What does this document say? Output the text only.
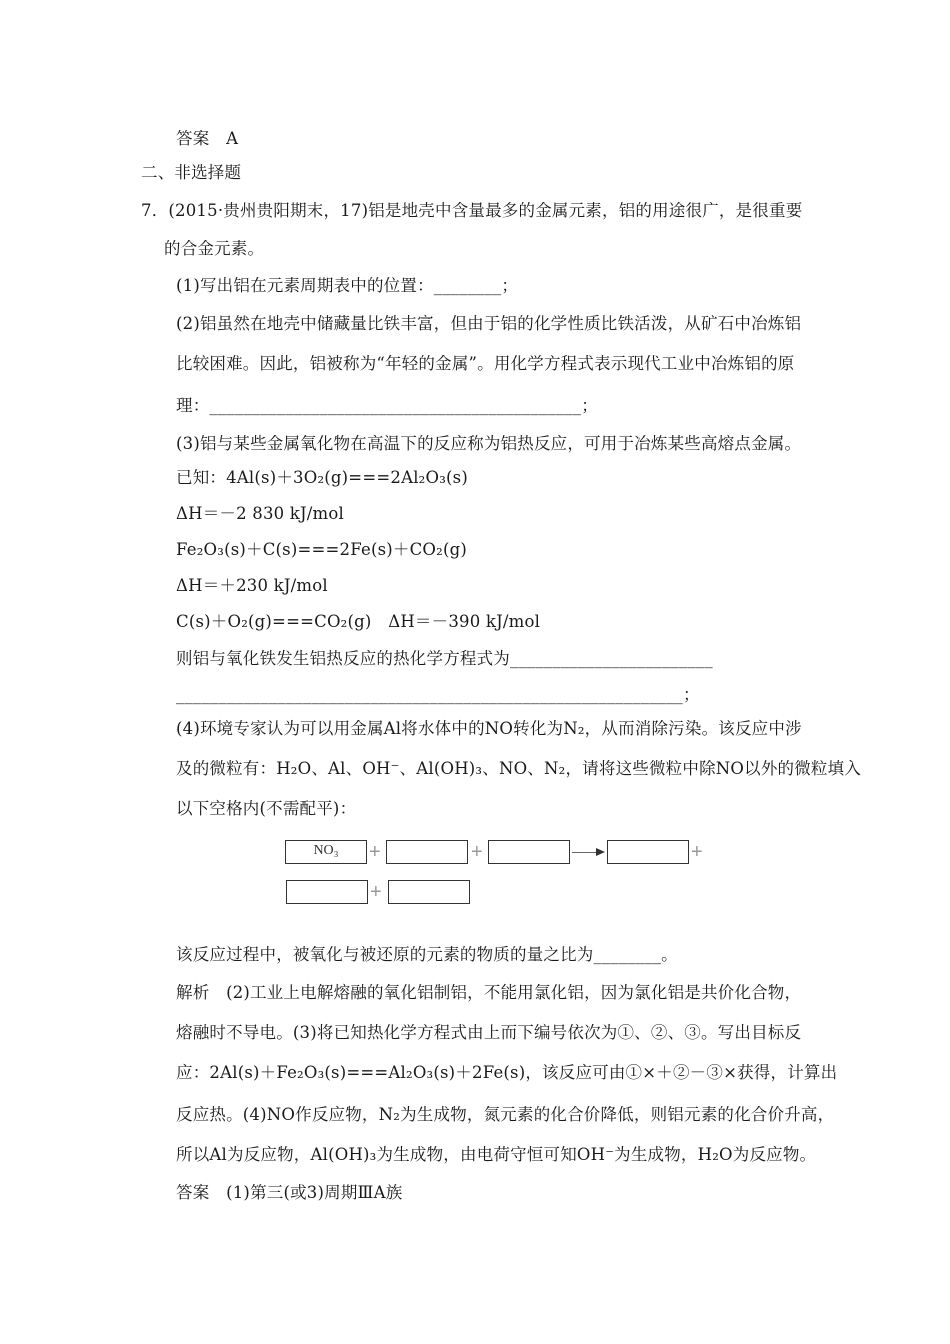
答案　A
二、非选择题
7．(2015·贵州贵阳期末，17)铝是地壳中含量最多的金属元素，铝的用途很广，是很重要
的合金元素。
(1)写出铝在元素周期表中的位置：________；
(2)铝虽然在地壳中储藏量比铁丰富，但由于铝的化学性质比铁活泼，从矿石中冶炼铝
比较困难。因此，铝被称为“年轻的金属”。用化学方程式表示现代工业中冶炼铝的原
理：____________________________________________；
(3)铝与某些金属氧化物在高温下的反应称为铝热反应，可用于冶炼某些高熔点金属。
已知：4Al(s)＋3O₂(g)===2Al₂O₃(s)
ΔH＝－2 830 kJ/mol
Fe₂O₃(s)＋C(s)===2Fe(s)＋CO₂(g)
ΔH＝＋230 kJ/mol
C(s)＋O₂(g)===CO₂(g)　ΔH＝－390 kJ/mol
则铝与氧化铁发生铝热反应的热化学方程式为________________________
____________________________________________________________；
(4)环境专家认为可以用金属Al将水体中的NO转化为N₂，从而消除污染。该反应中涉
及的微粒有：H₂O、Al、OH⁻、Al(OH)₃、NO、N₂，请将这些微粒中除NO以外的微粒填入
以下空格内(不需配平)：
NO₃	+	+	+
+
该反应过程中，被氧化与被还原的元素的物质的量之比为________。
解析　(2)工业上电解熔融的氧化铝制铝，不能用氯化铝，因为氯化铝是共价化合物，
熔融时不导电。(3)将已知热化学方程式由上而下编号依次为①、②、③。写出目标反
应：2Al(s)＋Fe₂O₃(s)===Al₂O₃(s)＋2Fe(s)，该反应可由①×＋②－③×获得，计算出
反应热。(4)NO作反应物，N₂为生成物，氮元素的化合价降低，则铝元素的化合价升高，
所以Al为反应物，Al(OH)₃为生成物，由电荷守恒可知OH⁻为生成物，H₂O为反应物。
答案　(1)第三(或3)周期ⅢA族
